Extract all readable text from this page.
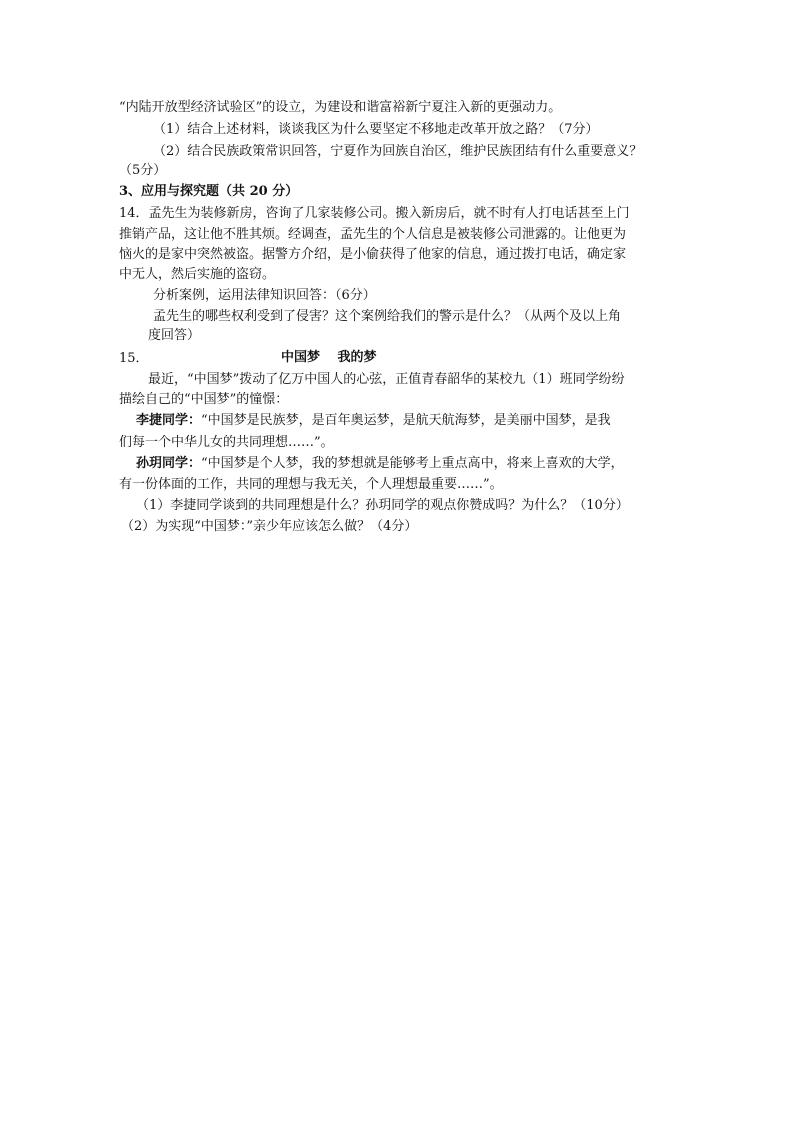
“内陆开放型经济试验区”的设立，为建设和谐富裕新宁夏注入新的更强动力。
（1）结合上述材料，谈谈我区为什么要坚定不移地走改革开放之路？（7分）
（2）结合民族政策常识回答，宁夏作为回族自治区，维护民族团结有什么重要意义？
（5分）
3、应用与探究题（共 20 分）
14．孟先生为装修新房，咨询了几家装修公司。搬入新房后，就不时有人打电话甚至上门
推销产品，这让他不胜其烦。经调查，孟先生的个人信息是被装修公司泄露的。让他更为
恼火的是家中突然被盗。据警方介绍，是小偷获得了他家的信息，通过拨打电话，确定家
中无人，然后实施的盗窃。
分析案例，运用法律知识回答：（6分）
孟先生的哪些权利受到了侵害？这个案例给我们的警示是什么？（从两个及以上角
度回答）
15．	中国梦　 我的梦
最近，“中国梦”拨动了亿万中国人的心弦，正值青春韶华的某校九（1）班同学纷纷
描绘自己的“中国梦”的憧憬：
李捷同学：“中国梦是民族梦，是百年奥运梦，是航天航海梦，是美丽中国梦，是我
们每一个中华儿女的共同理想……”。
孙玥同学：“中国梦是个人梦，我的梦想就是能够考上重点高中，将来上喜欢的大学，
有一份体面的工作，共同的理想与我无关，个人理想最重要……”。
（1）李捷同学谈到的共同理想是什么？孙玥同学的观点你赞成吗？为什么？（10分）
（2）为实现“中国梦：”亲少年应该怎么做？（4分）
